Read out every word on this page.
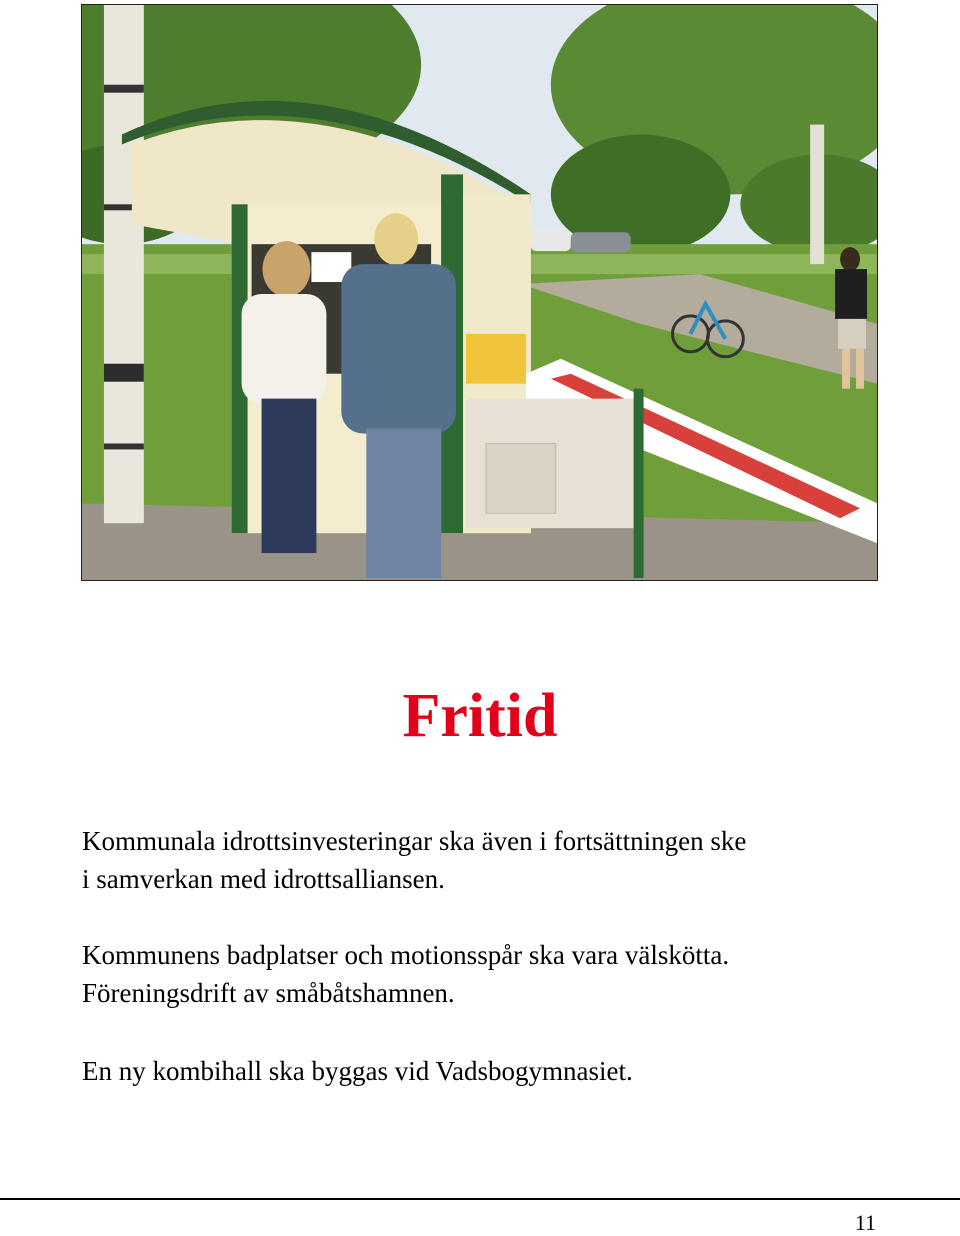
Fritid

Kommunala idrottsinvesteringar ska även i fortsättningen ske
i samverkan med idrottsalliansen.

Kommunens badplatser och motionsspår ska vara välskötta.
Föreningsdrift av småbåtshamnen.

En ny kombihall ska byggas vid Vadsbogymnasiet.

11
